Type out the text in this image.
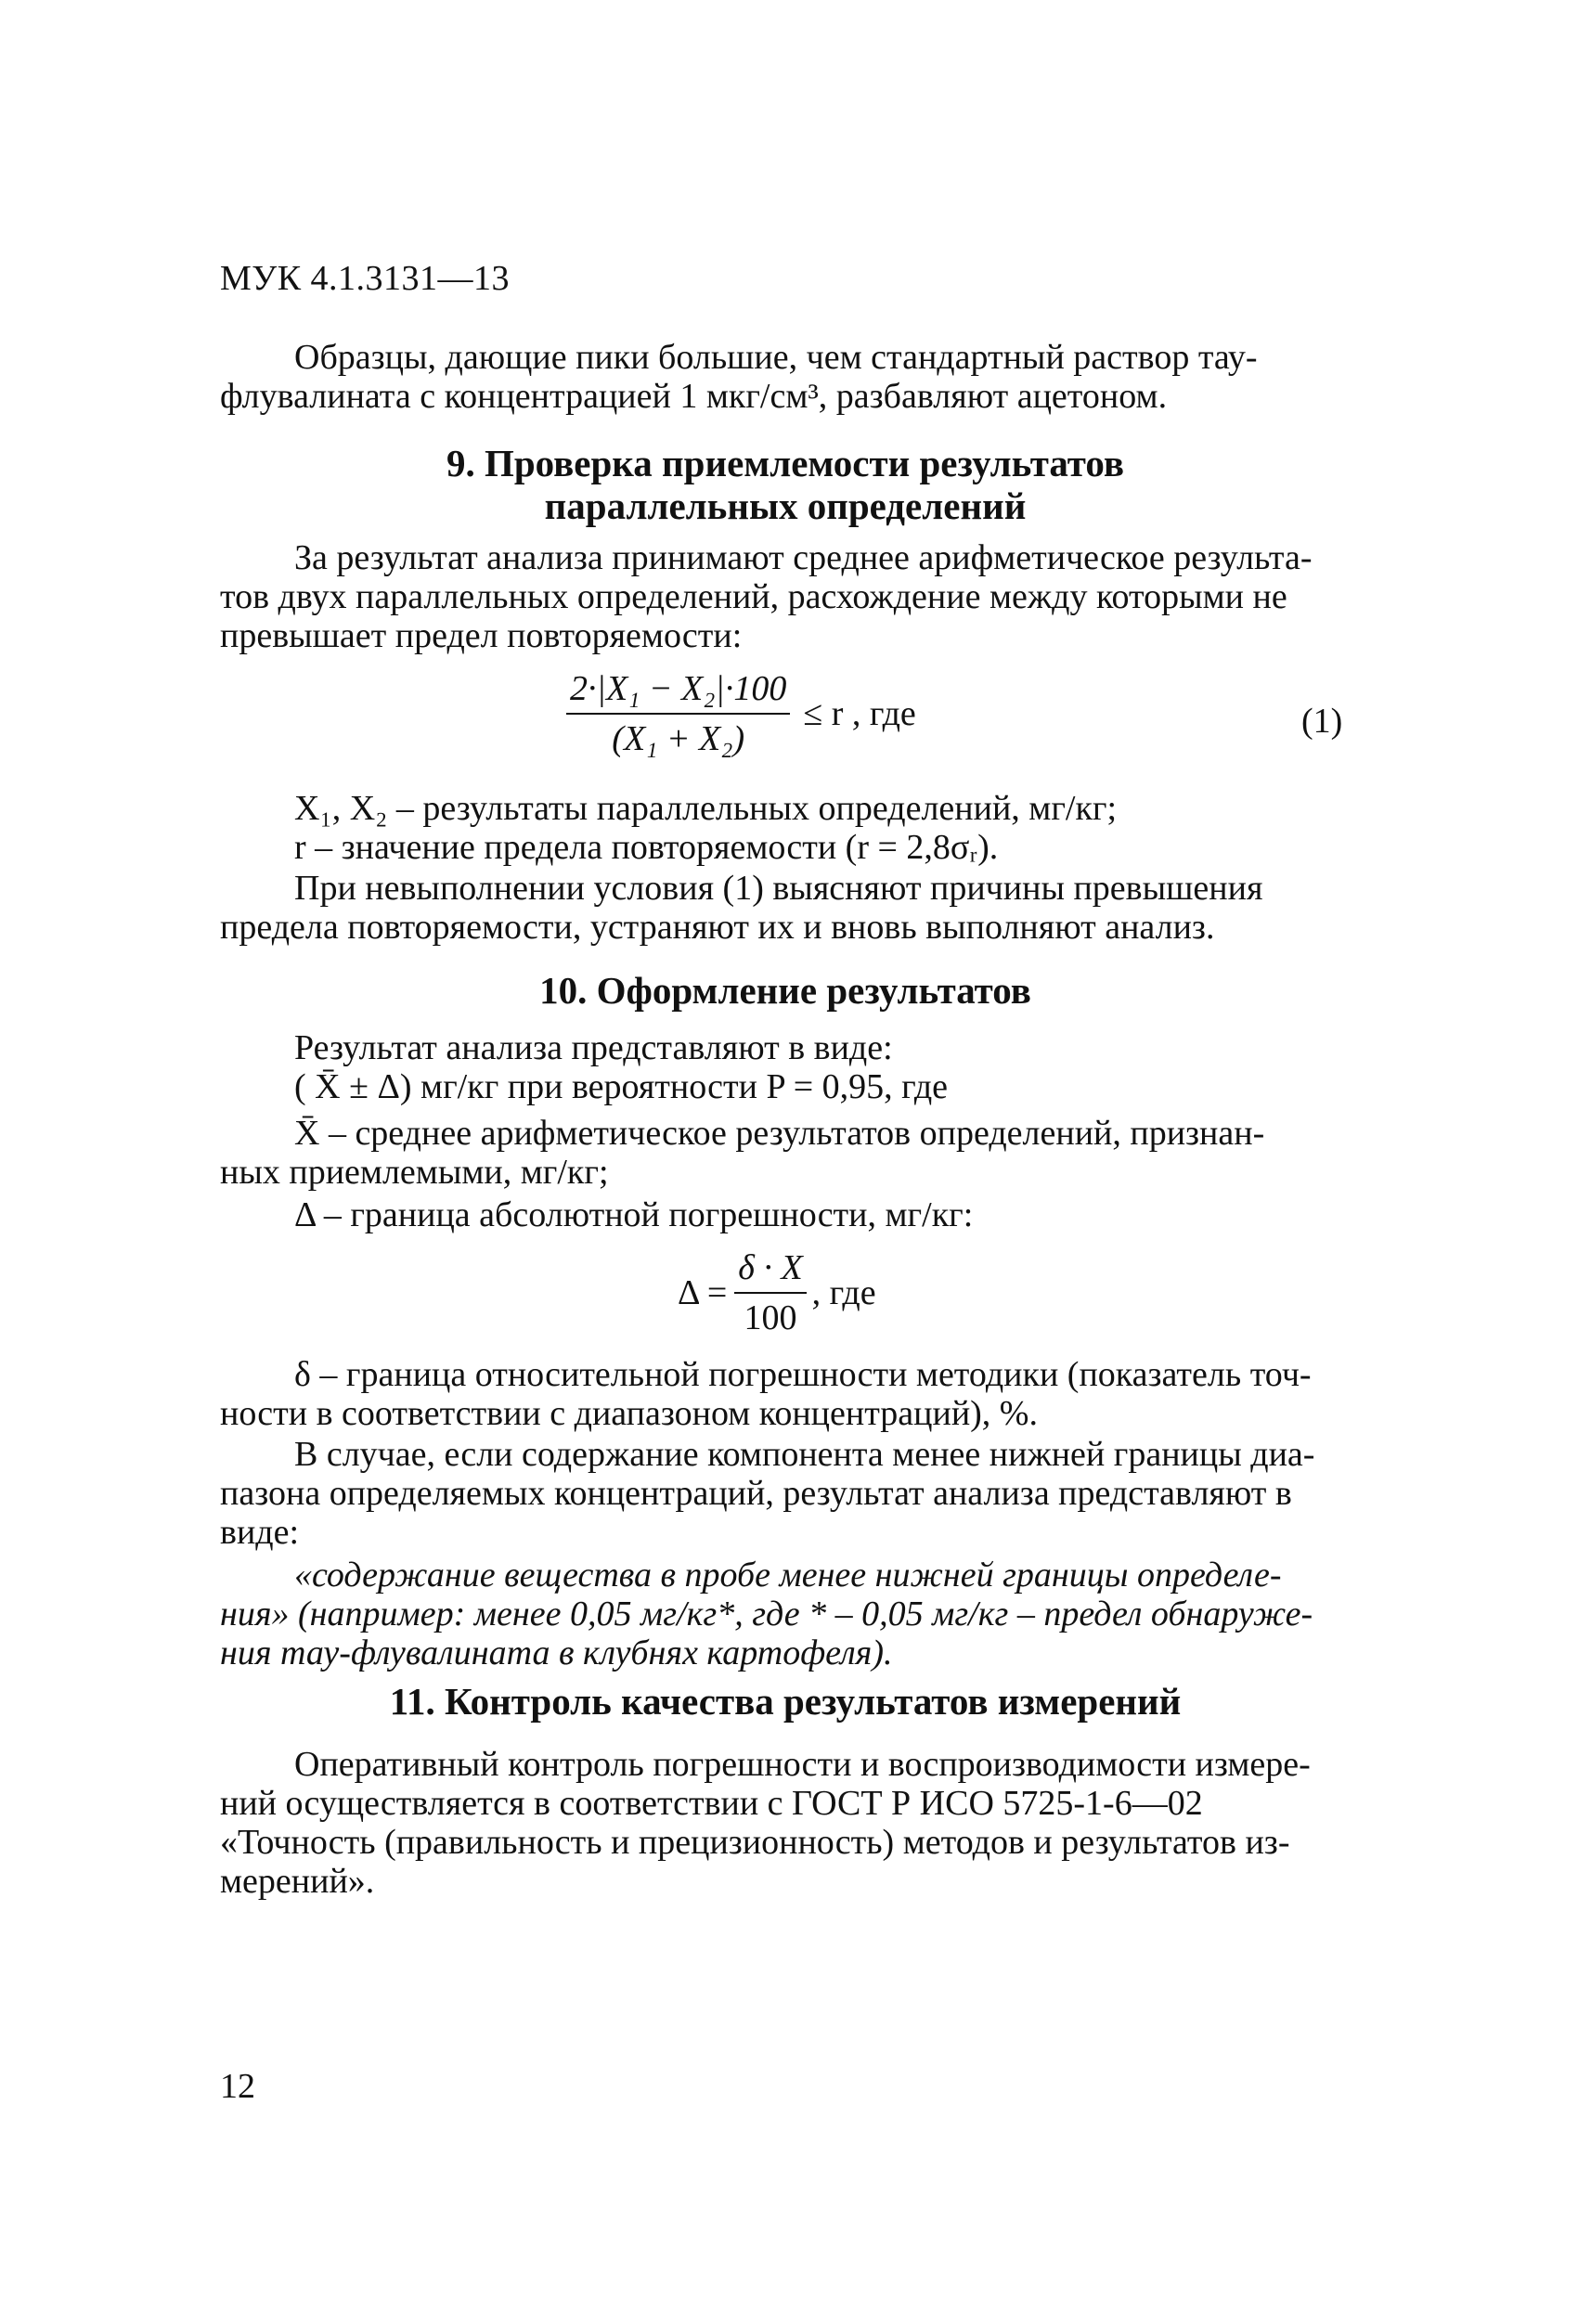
МУК 4.1.3131—13
Образцы, дающие пики большие, чем стандартный раствор тау-
флувалината с концентрацией 1 мкг/см³, разбавляют ацетоном.
9. Проверка приемлемости результатов
параллельных определений
За результат анализа принимают среднее арифметическое результа-
тов двух параллельных определений, расхождение между которыми не
превышает предел повторяемости:
$\frac{\text{2·|X₁ − X₂|·100}}{\text{(X₁ + X₂)}} \le r$ , где	(1)
X₁, X₂ – результаты параллельных определений, мг/кг;
r – значение предела повторяемости (r = 2,8σᵣ).
При невыполнении условия (1) выясняют причины превышения
предела повторяемости, устраняют их и вновь выполняют анализ.
10. Оформление результатов
Результат анализа представляют в виде:
( X̄ ± Δ) мг/кг при вероятности P = 0,95, где
X̄ – среднее арифметическое результатов определений, признан-
ных приемлемыми, мг/кг;
Δ – граница абсолютной погрешности, мг/кг:
$\Delta = \frac{\delta \cdot X}{100}$ , где
δ – граница относительной погрешности методики (показатель точ-
ности в соответствии с диапазоном концентраций), %.
В случае, если содержание компонента менее нижней границы диа-
пазона определяемых концентраций, результат анализа представляют в
виде:
«содержание вещества в пробе менее нижней границы определе-
ния» (например: менее 0,05 мг/кг*, где * – 0,05 мг/кг – предел обнаруже-
ния тау-флувалината в клубнях картофеля).
11. Контроль качества результатов измерений
Оперативный контроль погрешности и воспроизводимости измере-
ний осуществляется в соответствии с ГОСТ Р ИСО 5725-1-6—02
«Точность (правильность и прецизионность) методов и результатов из-
мерений».
12
